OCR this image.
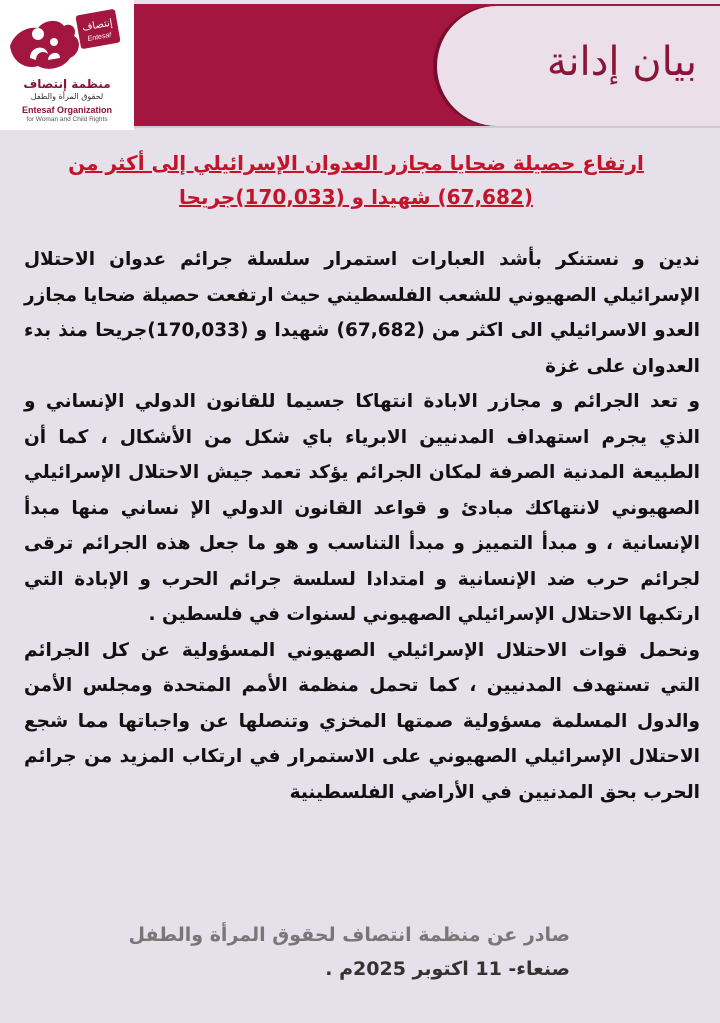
إنتصاف
Entesaf
منظمة إنتصاف
لحقوق المرأة والطفل
Entesaf Organization
for Woman and Child Rights
بيان إدانة
ارتفاع حصيلة ضحايا مجازر العدوان الإسرائيلي إلى أكثر من
(67,682) شهيدا و (170,033)جريحا

ندين و نستنكر بأشد العبارات استمرار سلسلة جرائم عدوان الاحتلال الإسرائيلي الصهيوني للشعب الفلسطيني حيث ارتفعت حصيلة ضحايا مجازر العدو الاسرائيلي الى اكثر من (67,682) شهيدا و (170,033)جريحا منذ بدء العدوان على غزة

و تعد الجرائم و مجازر الابادة انتهاكا جسيما للقانون الدولي الإنساني و الذي يجرم استهداف المدنيين الابرياء باي شكل من الأشكال ، كما أن الطبيعة المدنية الصرفة لمكان الجرائم يؤكد تعمد جيش الاحتلال الإسرائيلي الصهيوني لانتهاكك مبادئ و قواعد القانون الدولي الإ نساني منها مبدأ الإنسانية ، و مبدأ التمييز و مبدأ التناسب و هو ما جعل هذه الجرائم ترقى لجرائم حرب ضد الإنسانية و امتدادا لسلسة جرائم الحرب و الإبادة التي ارتكبها الاحتلال الإسرائيلي الصهيوني لسنوات في فلسطين .

ونحمل قوات الاحتلال الإسرائيلي الصهيوني المسؤولية عن كل الجرائم التي تستهدف المدنيين ، كما تحمل منظمة الأمم المتحدة ومجلس الأمن والدول المسلمة مسؤولية صمتها المخزي وتنصلها عن واجباتها مما شجع الاحتلال الإسرائيلي الصهيوني على الاستمرار في ارتكاب المزيد من جرائم الحرب بحق المدنيين في الأراضي الفلسطينية

صادر عن منظمة انتصاف لحقوق المرأة والطفل
صنعاء- 11 اكتوبر 2025م .
